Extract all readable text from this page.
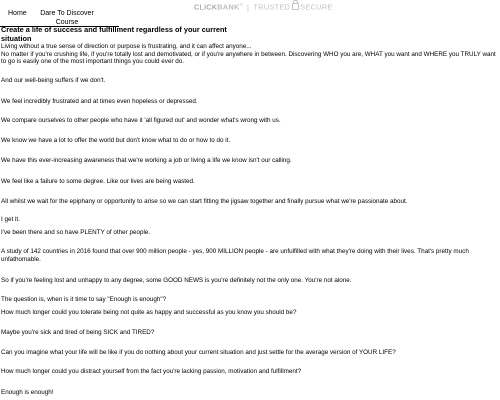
CLICKBANK® | TRUSTED SECURE
Home	Dare To Discover Course
Create a life of success and fulfillment regardless of your current situation

Living without a true sense of direction or purpose is frustrating, and it can affect anyone...

No matter if you're crushing life, if you're totally lost and demotivated, or if you're anywhere in between. Discovering WHO you are, WHAT you want and WHERE you TRULY want to go is easily one of the most important things you could ever do.

And our well-being suffers if we don't.

We feel incredibly frustrated and at times even hopeless or depressed.

We compare ourselves to other people who have it 'all figured out' and wonder what's wrong with us.

We know we have a lot to offer the world but don't know what to do or how to do it.

We have this ever-increasing awareness that we're working a job or living a life we know isn't our calling.

We feel like a failure to some degree. Like our lives are being wasted.

All whilst we wait for the epiphany or opportunity to arise so we can start fitting the jigsaw together and finally pursue what we're passionate about.

I get it.

I've been there and so have PLENTY of other people.

A study of 142 countries in 2016 found that over 900 million people - yes, 900 MILLION people - are unfulfilled with what they're doing with their lives. That's pretty much unfathomable.

So if you're feeling lost and unhappy to any degree, some GOOD NEWS is you're definitely not the only one. You're not alone.

The question is, when is it time to say "Enough is enough"?

How much longer could you tolerate being not quite as happy and successful as you know you should be?

Maybe you're sick and tired of being SICK and TIRED?

Can you imagine what your life will be like if you do nothing about your current situation and just settle for the average version of YOUR LIFE?

How much longer could you distract yourself from the fact you're lacking passion, motivation and fulfillment?

Enough is enough!
